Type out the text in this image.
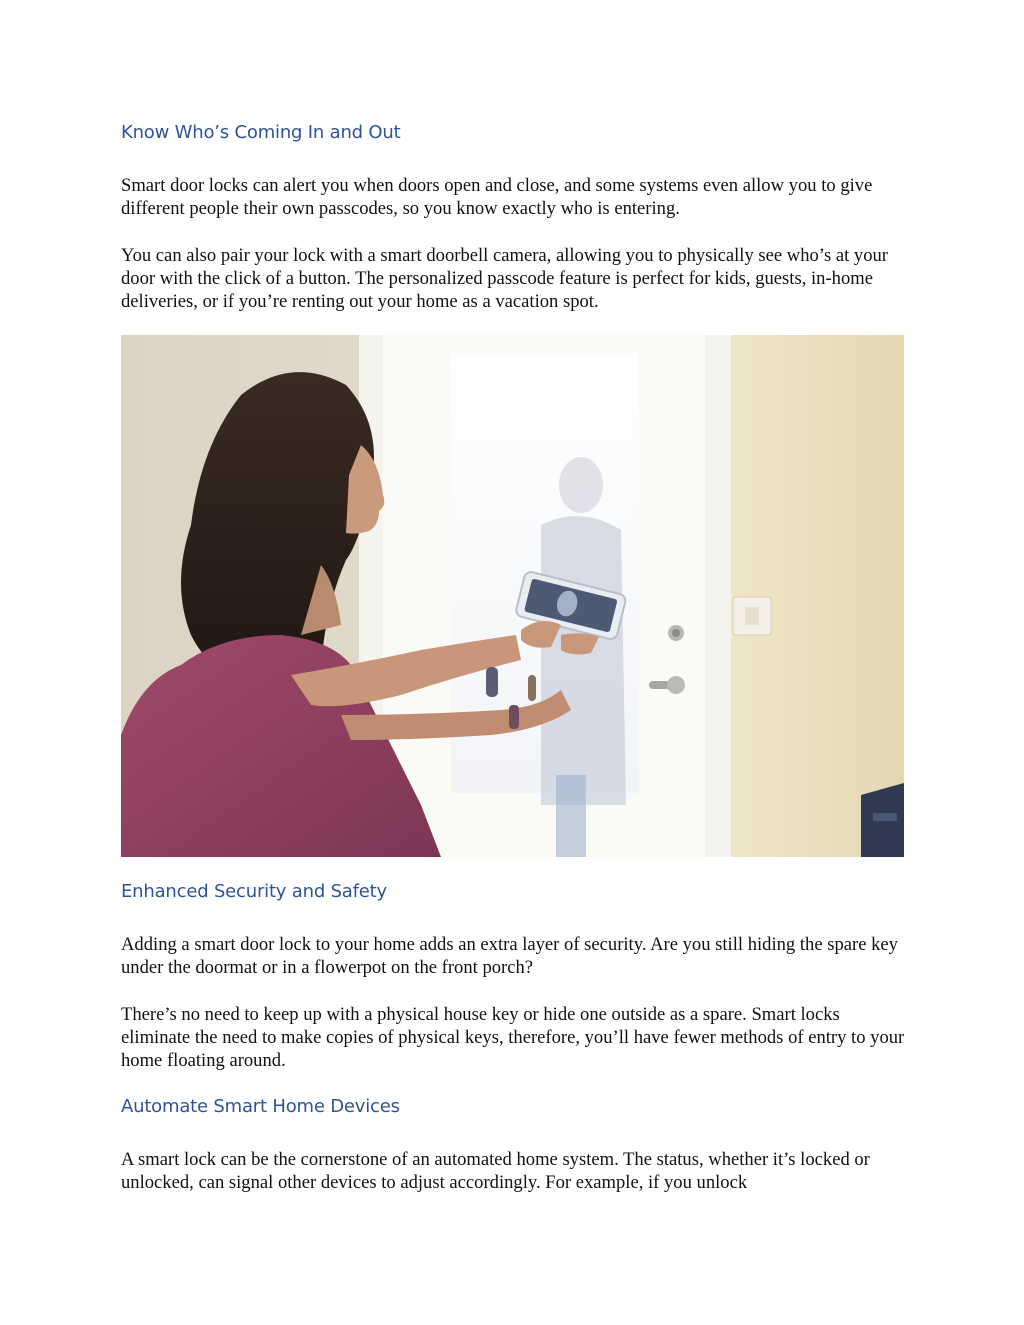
Know Who’s Coming In and Out

Smart door locks can alert you when doors open and close, and some systems even allow you to give different people their own passcodes, so you know exactly who is entering.

You can also pair your lock with a smart doorbell camera, allowing you to physically see who’s at your door with the click of a button. The personalized passcode feature is perfect for kids, guests, in-home deliveries, or if you’re renting out your home as a vacation spot.

Enhanced Security and Safety

Adding a smart door lock to your home adds an extra layer of security. Are you still hiding the spare key under the doormat or in a flowerpot on the front porch?

There’s no need to keep up with a physical house key or hide one outside as a spare. Smart locks eliminate the need to make copies of physical keys, therefore, you’ll have fewer methods of entry to your home floating around.

Automate Smart Home Devices

A smart lock can be the cornerstone of an automated home system. The status, whether it’s locked or unlocked, can signal other devices to adjust accordingly. For example, if you unlock
